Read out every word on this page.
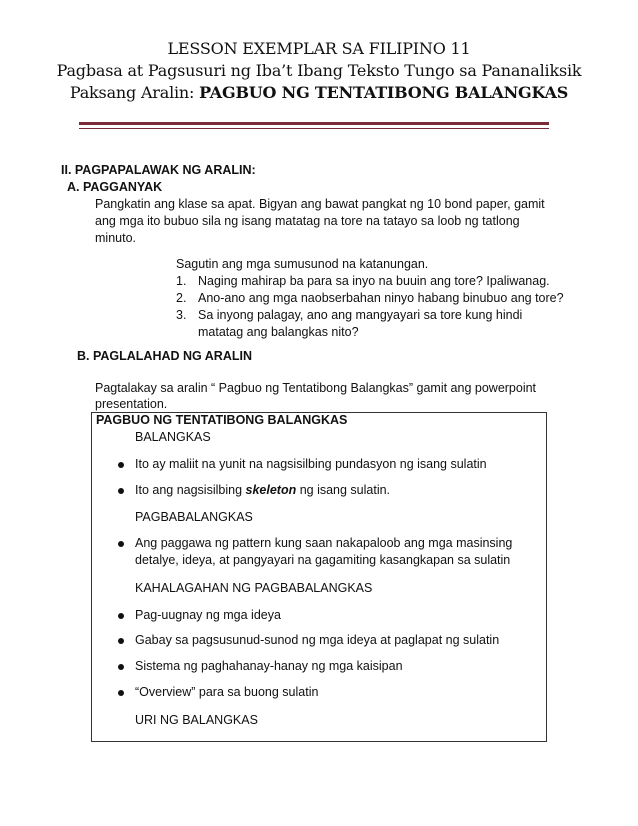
LESSON EXEMPLAR SA FILIPINO 11
Pagbasa at Pagsusuri ng Iba’t Ibang Teksto Tungo sa Pananaliksik
Paksang Aralin: PAGBUO NG TENTATIBONG BALANGKAS
II. PAGPAPALAWAK NG ARALIN:
A. PAGGANYAK
Pangkatin ang klase sa apat. Bigyan ang bawat pangkat ng 10 bond paper, gamit
ang mga ito bubuo sila ng isang matatag na tore na tatayo sa loob ng tatlong
minuto.
Sagutin ang mga sumusunod na katanungan.
1. Naging mahirap ba para sa inyo na buuin ang tore? Ipaliwanag.
2. Ano-ano ang mga naobserbahan ninyo habang binubuo ang tore?
3. Sa inyong palagay, ano ang mangyayari sa tore kung hindi
matatag ang balangkas nito?
B. PAGLALAHAD NG ARALIN
Pagtalakay sa aralin “ Pagbuo ng Tentatibong Balangkas” gamit ang powerpoint
presentation.
PAGBUO NG TENTATIBONG BALANGKAS
BALANGKAS
Ito ay maliit na yunit na nagsisilbing pundasyon ng isang sulatin
Ito ang nagsisilbing skeleton ng isang sulatin.
PAGBABALANGKAS
Ang paggawa ng pattern kung saan nakapaloob ang mga masinsing
detalye, ideya, at pangyayari na gagamiting kasangkapan sa sulatin
KAHALAGAHAN NG PAGBABALANGKAS
Pag-uugnay ng mga ideya
Gabay sa pagsusunud-sunod ng mga ideya at paglapat ng sulatin
Sistema ng paghahanay-hanay ng mga kaisipan
“Overview” para sa buong sulatin
URI NG BALANGKAS
